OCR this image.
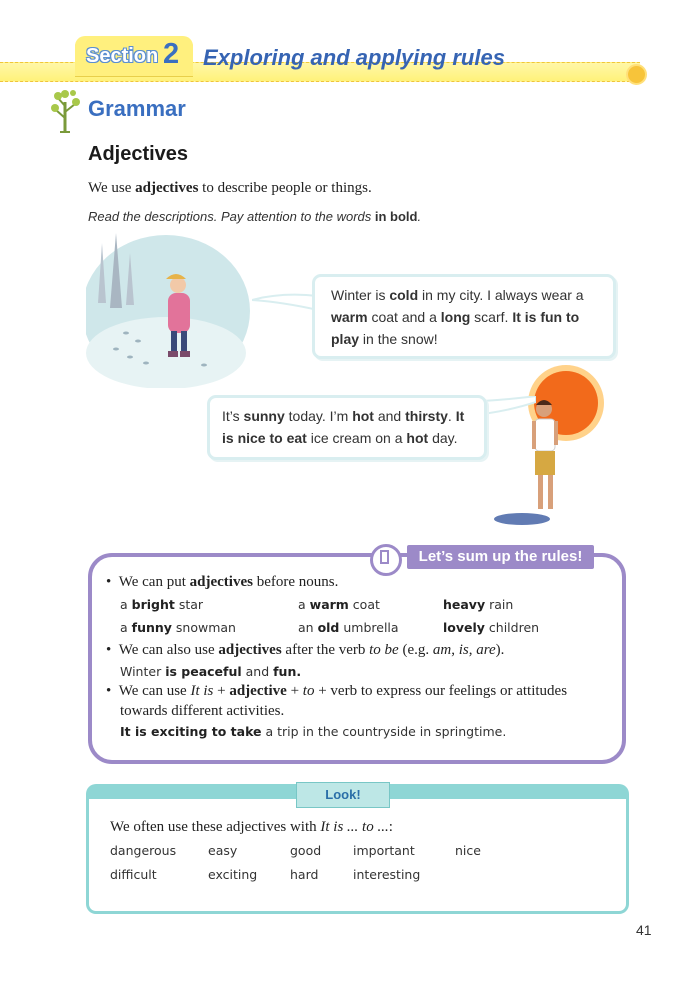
Section 2 Exploring and applying rules
Grammar
Adjectives
We use adjectives to describe people or things.
Read the descriptions. Pay attention to the words in bold.
Winter is cold in my city. I always wear a warm coat and a long scarf. It is fun to play in the snow!
It’s sunny today. I’m hot and thirsty. It is nice to eat ice cream on a hot day.
Let’s sum up the rules!
•  We can put adjectives before nouns.
a bright star	a warm coat	heavy rain
a funny snowman	an old umbrella	lovely children
•  We can also use adjectives after the verb to be (e.g. am, is, are).
Winter is peaceful and fun.
•  We can use It is + adjective + to + verb to express our feelings or attitudes
towards different activities.
It is exciting to take a trip in the countryside in springtime.
Look!
We often use these adjectives with It is ... to ...:
dangerous	easy	good	important	nice
difficult	exciting	hard	interesting
41
